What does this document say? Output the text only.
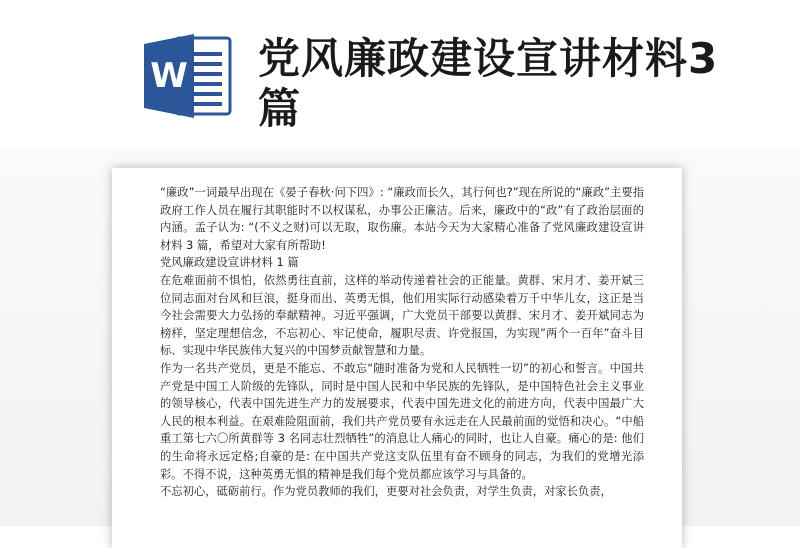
W 党风廉政建设宣讲材料3篇

“廉政”一词最早出现在《晏子春秋·问下四》: “廉政而长久，其行何也?”现在所说的“廉政”主要指政府工作人员在履行其职能时不以权谋私，办事公正廉洁。后来，廉政中的“政”有了政治层面的内涵。孟子认为: “(不义之财)可以无取，取伤廉。本站今天为大家精心准备了党风廉政建设宣讲材料 3 篇，希望对大家有所帮助!

党风廉政建设宣讲材料 1 篇

在危难面前不惧怕，依然勇往直前，这样的举动传递着社会的正能量。黄群、宋月才、姜开斌三位同志面对台风和巨浪，挺身而出、英勇无惧，他们用实际行动感染着万千中华儿女，这正是当今社会需要大力弘扬的奉献精神。习近平强调，广大党员干部要以黄群、宋月才、姜开斌同志为榜样，坚定理想信念，不忘初心、牢记使命，履职尽责、许党报国，为实现”两个一百年”奋斗目标、实现中华民族伟大复兴的中国梦贡献智慧和力量。

作为一名共产党员，更是不能忘、不敢忘“随时准备为党和人民牺牲一切”的初心和誓言。中国共产党是中国工人阶级的先锋队，同时是中国人民和中华民族的先锋队，是中国特色社会主义事业的领导核心，代表中国先进生产力的发展要求，代表中国先进文化的前进方向，代表中国最广大人民的根本利益。在艰难险阻面前，我们共产党员要有永远走在人民最前面的觉悟和决心。“中船重工第七六〇所黄群等 3 名同志壮烈牺牲”的消息让人痛心的同时，也让人自豪。痛心的是: 他们的生命将永远定格;自豪的是: 在中国共产党这支队伍里有奋不顾身的同志，为我们的党增光添彩。不得不说，这种英勇无惧的精神是我们每个党员都应该学习与具备的。

不忘初心，砥砺前行。作为党员教师的我们，更要对社会负责，对学生负责，对家长负责，
